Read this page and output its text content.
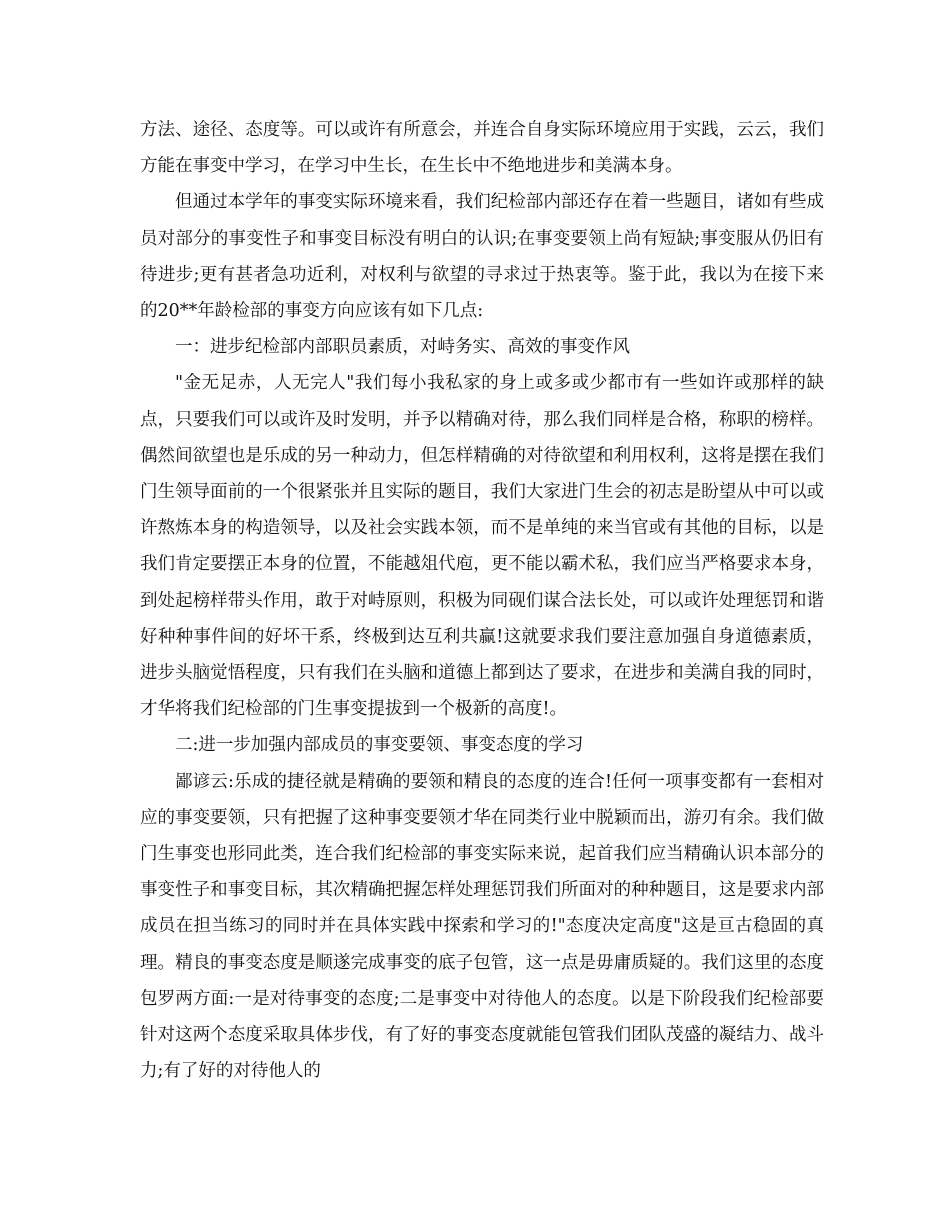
方法、途径、态度等。可以或许有所意会，并连合自身实际环境应用于实践，云云，我们方能在事变中学习，在学习中生长，在生长中不绝地进步和美满本身。

但通过本学年的事变实际环境来看，我们纪检部内部还存在着一些题目，诸如有些成员对部分的事变性子和事变目标没有明白的认识;在事变要领上尚有短缺;事变服从仍旧有待进步;更有甚者急功近利，对权利与欲望的寻求过于热衷等。鉴于此，我以为在接下来的20**年龄检部的事变方向应该有如下几点:

一：进步纪检部内部职员素质，对峙务实、高效的事变作风

"金无足赤，人无完人"我们每小我私家的身上或多或少都市有一些如许或那样的缺点，只要我们可以或许及时发明，并予以精确对待，那么我们同样是合格，称职的榜样。偶然间欲望也是乐成的另一种动力，但怎样精确的对待欲望和利用权利，这将是摆在我们门生领导面前的一个很紧张并且实际的题目，我们大家进门生会的初志是盼望从中可以或许熬炼本身的构造领导，以及社会实践本领，而不是单纯的来当官或有其他的目标，以是我们肯定要摆正本身的位置，不能越俎代庖，更不能以霸术私，我们应当严格要求本身，到处起榜样带头作用，敢于对峙原则，积极为同砚们谋合法长处，可以或许处理惩罚和谐好种种事件间的好坏干系，终极到达互利共赢!这就要求我们要注意加强自身道德素质，进步头脑觉悟程度，只有我们在头脑和道德上都到达了要求，在进步和美满自我的同时，才华将我们纪检部的门生事变提拔到一个极新的高度!。

二:进一步加强内部成员的事变要领、事变态度的学习

鄙谚云:乐成的捷径就是精确的要领和精良的态度的连合!任何一项事变都有一套相对应的事变要领，只有把握了这种事变要领才华在同类行业中脱颖而出，游刃有余。我们做门生事变也形同此类，连合我们纪检部的事变实际来说，起首我们应当精确认识本部分的事变性子和事变目标，其次精确把握怎样处理惩罚我们所面对的种种题目，这是要求内部成员在担当练习的同时并在具体实践中探索和学习的!"态度决定高度"这是亘古稳固的真理。精良的事变态度是顺遂完成事变的底子包管，这一点是毋庸质疑的。我们这里的态度包罗两方面:一是对待事变的态度;二是事变中对待他人的态度。以是下阶段我们纪检部要针对这两个态度采取具体步伐，有了好的事变态度就能包管我们团队茂盛的凝结力、战斗力;有了好的对待他人的
